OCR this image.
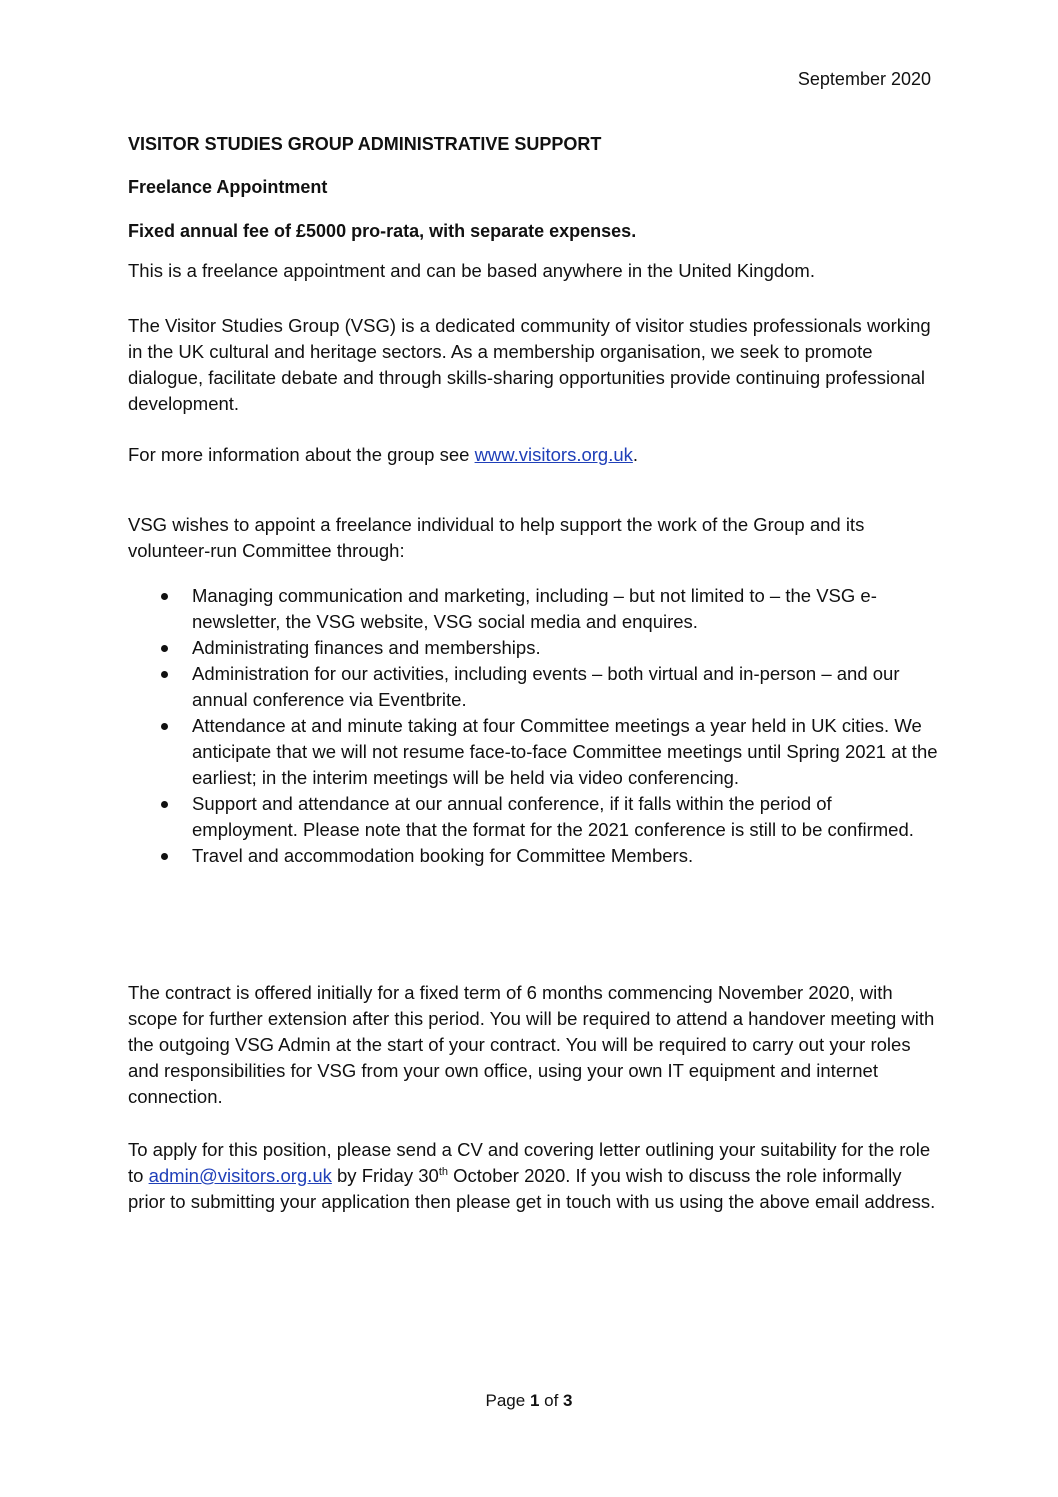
September 2020
VISITOR STUDIES GROUP ADMINISTRATIVE SUPPORT
Freelance Appointment
Fixed annual fee of £5000 pro-rata, with separate expenses.

This is a freelance appointment and can be based anywhere in the United Kingdom.

The Visitor Studies Group (VSG) is a dedicated community of visitor studies professionals working in the UK cultural and heritage sectors. As a membership organisation, we seek to promote dialogue, facilitate debate and through skills-sharing opportunities provide continuing professional development.

For more information about the group see www.visitors.org.uk.

VSG wishes to appoint a freelance individual to help support the work of the Group and its volunteer-run Committee through:

Managing communication and marketing, including – but not limited to – the VSG e-newsletter, the VSG website, VSG social media and enquires.
Administrating finances and memberships.
Administration for our activities, including events – both virtual and in-person – and our annual conference via Eventbrite.
Attendance at and minute taking at four Committee meetings a year held in UK cities. We anticipate that we will not resume face-to-face Committee meetings until Spring 2021 at the earliest; in the interim meetings will be held via video conferencing.
Support and attendance at our annual conference, if it falls within the period of employment. Please note that the format for the 2021 conference is still to be confirmed.
Travel and accommodation booking for Committee Members.

The contract is offered initially for a fixed term of 6 months commencing November 2020, with scope for further extension after this period. You will be required to attend a handover meeting with the outgoing VSG Admin at the start of your contract. You will be required to carry out your roles and responsibilities for VSG from your own office, using your own IT equipment and internet connection.

To apply for this position, please send a CV and covering letter outlining your suitability for the role to admin@visitors.org.uk by Friday 30th October 2020. If you wish to discuss the role informally prior to submitting your application then please get in touch with us using the above email address.

Page 1 of 3
